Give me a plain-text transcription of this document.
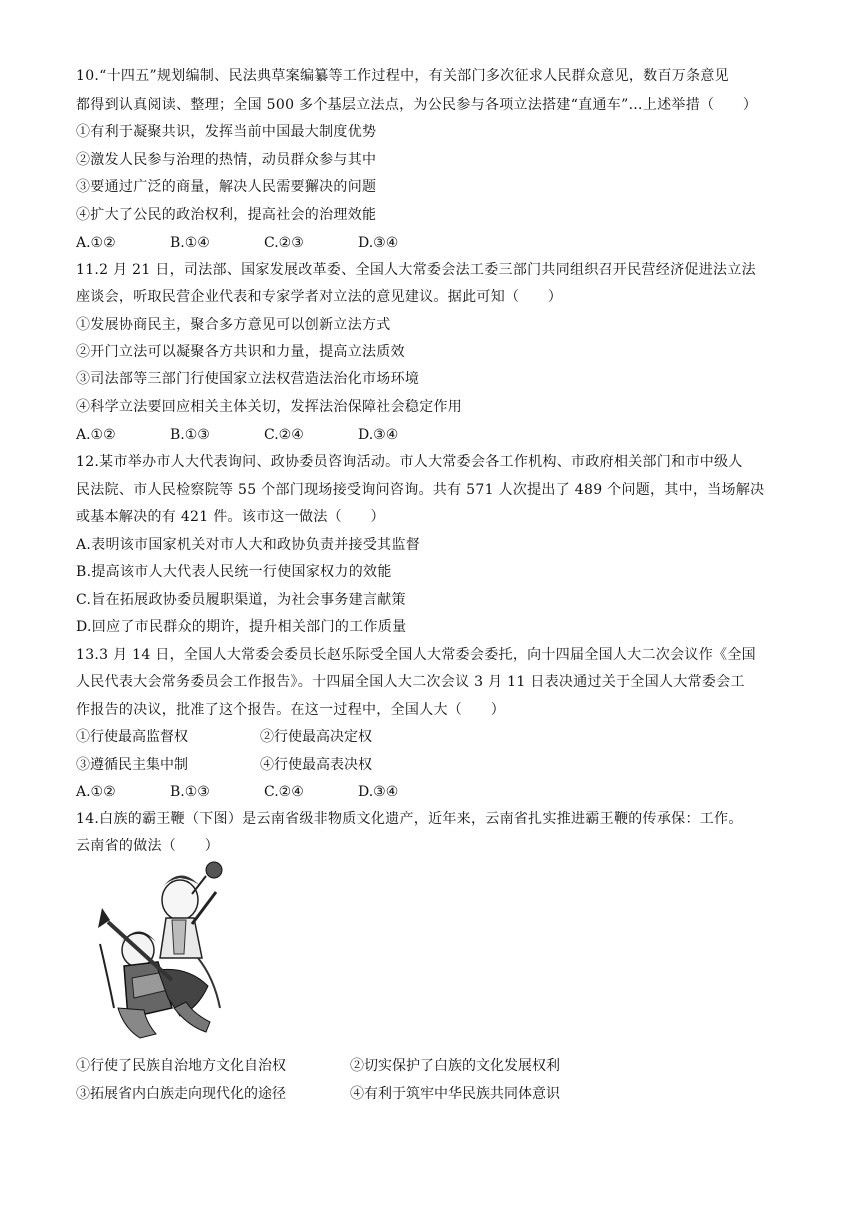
10.“十四五”规划编制、民法典草案编纂等工作过程中，有关部门多次征求人民群众意见，数百万条意见
都得到认真阅读、整理；全国 500 多个基层立法点，为公民参与各项立法搭建“直通车”…上述举措（　　）
①有利于凝聚共识，发挥当前中国最大制度优势
②激发人民参与治理的热情，动员群众参与其中
③要通过广泛的商量，解决人民需要獬决的问题
④扩大了公民的政治权利，提高社会的治理效能
A.①②	B.①④	C.②③	D.③④
11.2 月 21 日，司法部、国家发展改革委、全国人大常委会法工委三部门共同组织召开民营经济促进法立法
座谈会，听取民营企业代表和专家学者对立法的意见建议。据此可知（　　）
①发展协商民主，聚合多方意见可以创新立法方式
②开门立法可以凝聚各方共识和力量，提高立法质效
③司法部等三部门行使国家立法权营造法治化市场环境
④科学立法要回应相关主体关切，发挥法治保障社会稳定作用
A.①②	B.①③	C.②④	D.③④
12.某市举办市人大代表询问、政协委员咨询活动。市人大常委会各工作机构、市政府相关部门和市中级人
民法院、市人民检察院等 55 个部门现场接受询问咨询。共有 571 人次提出了 489 个问题，其中，当场解决
或基本解决的有 421 件。该市这一做法（　　）
A.表明该市国家机关对市人大和政协负责并接受其监督
B.提高该市人大代表人民统一行使国家权力的效能
C.旨在拓展政协委员履职渠道，为社会事务建言献策
D.回应了市民群众的期许，提升相关部门的工作质量
13.3 月 14 日，全国人大常委会委员长赵乐际受全国人大常委会委托，向十四届全国人大二次会议作《全国
人民代表大会常务委员会工作报告》。十四届全国人大二次会议 3 月 11 日表决通过关于全国人大常委会工
作报告的决议，批准了这个报告。在这一过程中，全国人大（　　）
①行使最高监督权	②行使最高决定权
③遵循民主集中制	④行使最高表决权
A.①②	B.①③	C.②④	D.③④
14.白族的霸王鞭（下图）是云南省级非物质文化遗产，近年来，云南省扎实推进霸王鞭的传承保：工作。
云南省的做法（　　）
①行使了民族自治地方文化自治权	②切实保护了白族的文化发展权利
③拓展省内白族走向现代化的途径	④有利于筑牢中华民族共同体意识
